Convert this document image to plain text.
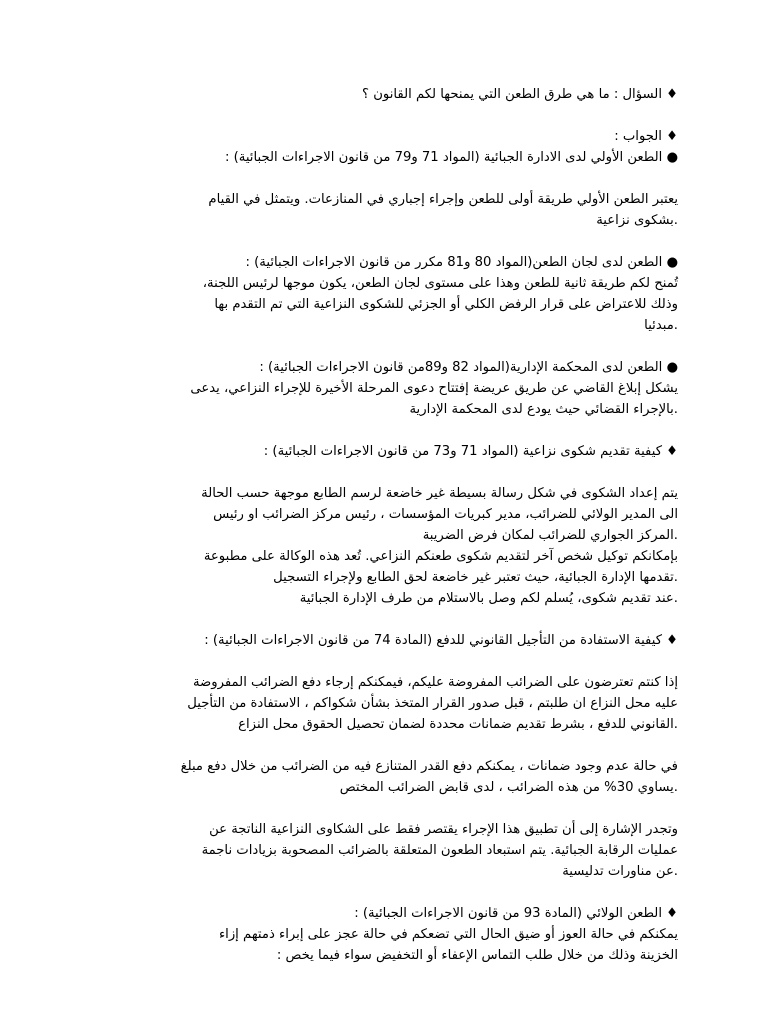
♦ السؤال : ما هي طرق الطعن التي يمنحها لكم القانون ؟
♦ الجواب :
● الطعن الأولي لدى الادارة الجبائية (المواد 71 و79 من قانون الاجراءات الجبائية) :
يعتبر الطعن الأولي طريقة أولى للطعن وإجراء إجباري في المنازعات. ويتمثل في القيام
.بشكوى نزاعية
● الطعن لدى لجان الطعن(المواد 80 و81 مكرر من قانون الاجراءات الجبائية) :
تُمنح لكم طريقة ثانية للطعن وهذا على مستوى لجان الطعن، يكون موجها لرئيس اللجنة،
وذلك للاعتراض على قرار الرفض الكلي أو الجزئي للشكوى النزاعية التي تم التقدم بها
.مبدئيا
● الطعن لدى المحكمة الإدارية(المواد 82 و89من قانون الاجراءات الجبائية) :
يشكل إبلاغ القاضي عن طريق عريضة إفتتاح دعوى المرحلة الأخيرة للإجراء النزاعي، يدعى
.بالإجراء القضائي حيث يودع لدى المحكمة الإدارية
♦ كيفية تقديم شكوى نزاعية (المواد 71 و73 من قانون الاجراءات الجبائية) :
يتم إعداد الشكوى في شكل رسالة بسيطة غير خاضعة لرسم الطابع موجهة حسب الحالة
الى المدير الولائي للضرائب، مدير كبريات المؤسسات ، رئيس مركز الضرائب او رئيس
.المركز الجواري للضرائب لمكان فرض الضريبة
بإمكانكم توكيل شخص آخر لتقديم شكوى طعنكم النزاعي. تُعد هذه الوكالة على مطبوعة
.تقدمها الإدارة الجبائية، حيث تعتبر غير خاضعة لحق الطابع ولإجراء التسجيل
.عند تقديم شكوى، يُسلم لكم وصل بالاستلام من طرف الإدارة الجبائية
♦ كيفية الاستفادة من التأجيل القانوني للدفع (المادة 74 من قانون الاجراءات الجبائية) :
إذا كنتم تعترضون على الضرائب المفروضة عليكم، فيمكنكم إرجاء دفع الضرائب المفروضة
عليه محل النزاع ان طلبتم ، قبل صدور القرار المتخذ بشأن شكواكم ، الاستفادة من التأجيل
.القانوني للدفع ، بشرط تقديم ضمانات محددة لضمان تحصيل الحقوق محل النزاع
في حالة عدم وجود ضمانات ، يمكنكم دفع القدر المتنازع فيه من الضرائب من خلال دفع مبلغ
.يساوي 30% من هذه الضرائب ، لدى قابض الضرائب المختص
وتجدر الإشارة إلى أن تطبيق هذا الإجراء يقتصر فقط على الشكاوى النزاعية الناتجة عن
عمليات الرقابة الجبائية. يتم استبعاد الطعون المتعلقة بالضرائب المصحوبة بزيادات ناجمة
.عن مناورات تدليسية
♦ الطعن الولائي (المادة 93 من قانون الاجراءات الجبائية) :
يمكنكم في حالة العوز أو ضيق الحال التي تضعكم في حالة عجز على إبراء ذمتهم إزاء
الخزينة وذلك من خلال طلب التماس الإعفاء أو التخفيض سواء فيما يخص :
